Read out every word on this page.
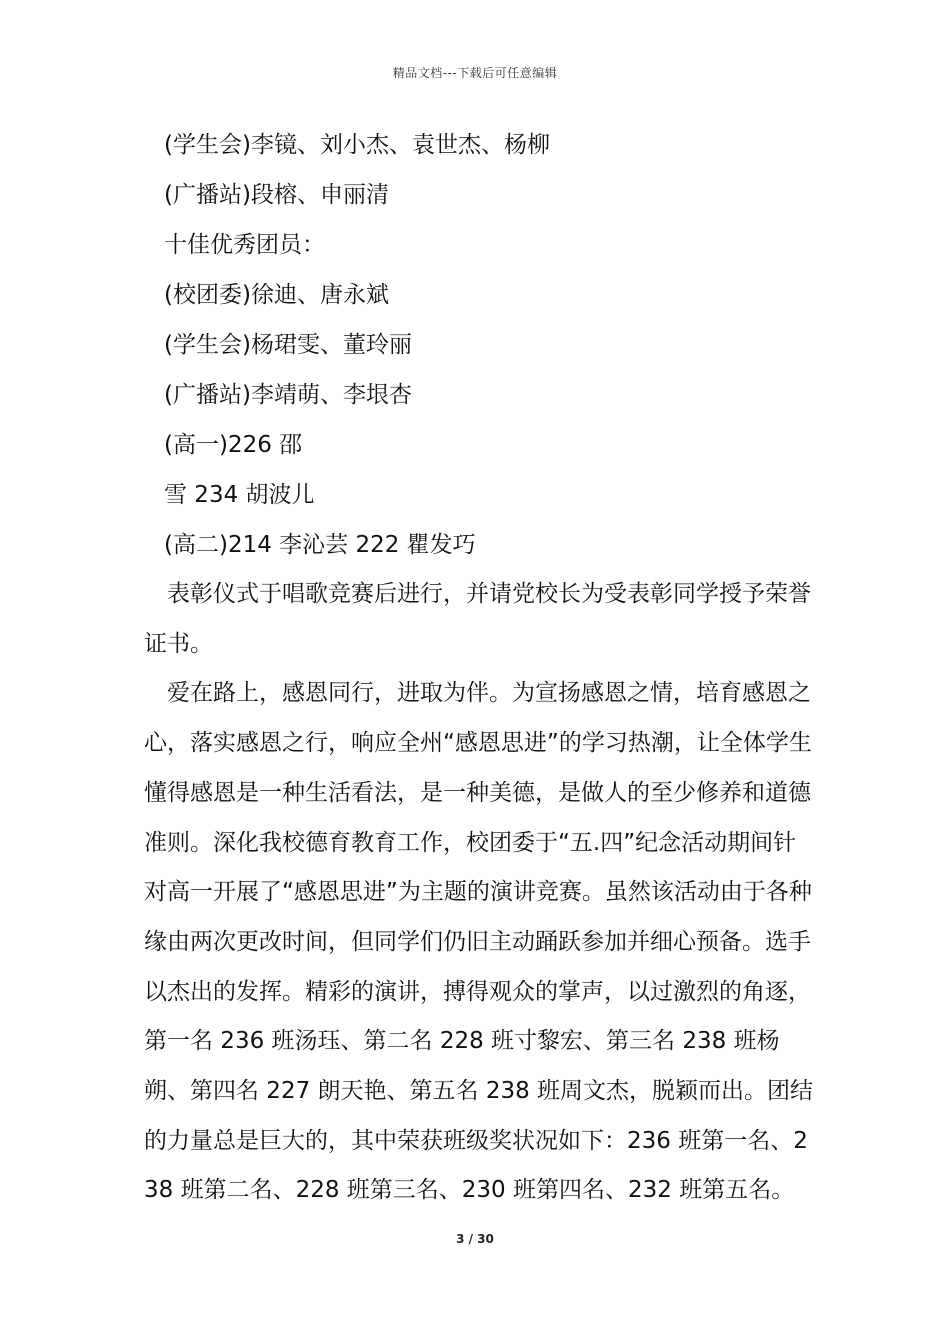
精品文档---下载后可任意编辑
(学生会)李镜、刘小杰、袁世杰、杨柳
(广播站)段榕、申丽清
十佳优秀团员：
(校团委)徐迪、唐永斌
(学生会)杨珺雯、董玲丽
(广播站)李靖萌、李垠杏
(高一)226 邵
雪 234 胡波儿
(高二)214 李沁芸 222 瞿发巧

表彰仪式于唱歌竞赛后进行，并请党校长为受表彰同学授予荣誉证书。

爱在路上，感恩同行，进取为伴。为宣扬感恩之情，培育感恩之心，落实感恩之行，响应全州“感恩思进”的学习热潮，让全体学生懂得感恩是一种生活看法，是一种美德，是做人的至少修养和道德准则。深化我校德育教育工作，校团委于“五.四”纪念活动期间针对高一开展了“感恩思进”为主题的演讲竞赛。虽然该活动由于各种缘由两次更改时间，但同学们仍旧主动踊跃参加并细心预备。选手以杰出的发挥。精彩的演讲，搏得观众的掌声，以过激烈的角逐，第一名 236 班汤珏、第二名 228 班寸黎宏、第三名 238 班杨朔、第四名 227 朗天艳、第五名 238 班周文杰，脱颖而出。团结的力量总是巨大的，其中荣获班级奖状况如下：236 班第一名、238 班第二名、228 班第三名、230 班第四名、232 班第五名。

3 / 30
